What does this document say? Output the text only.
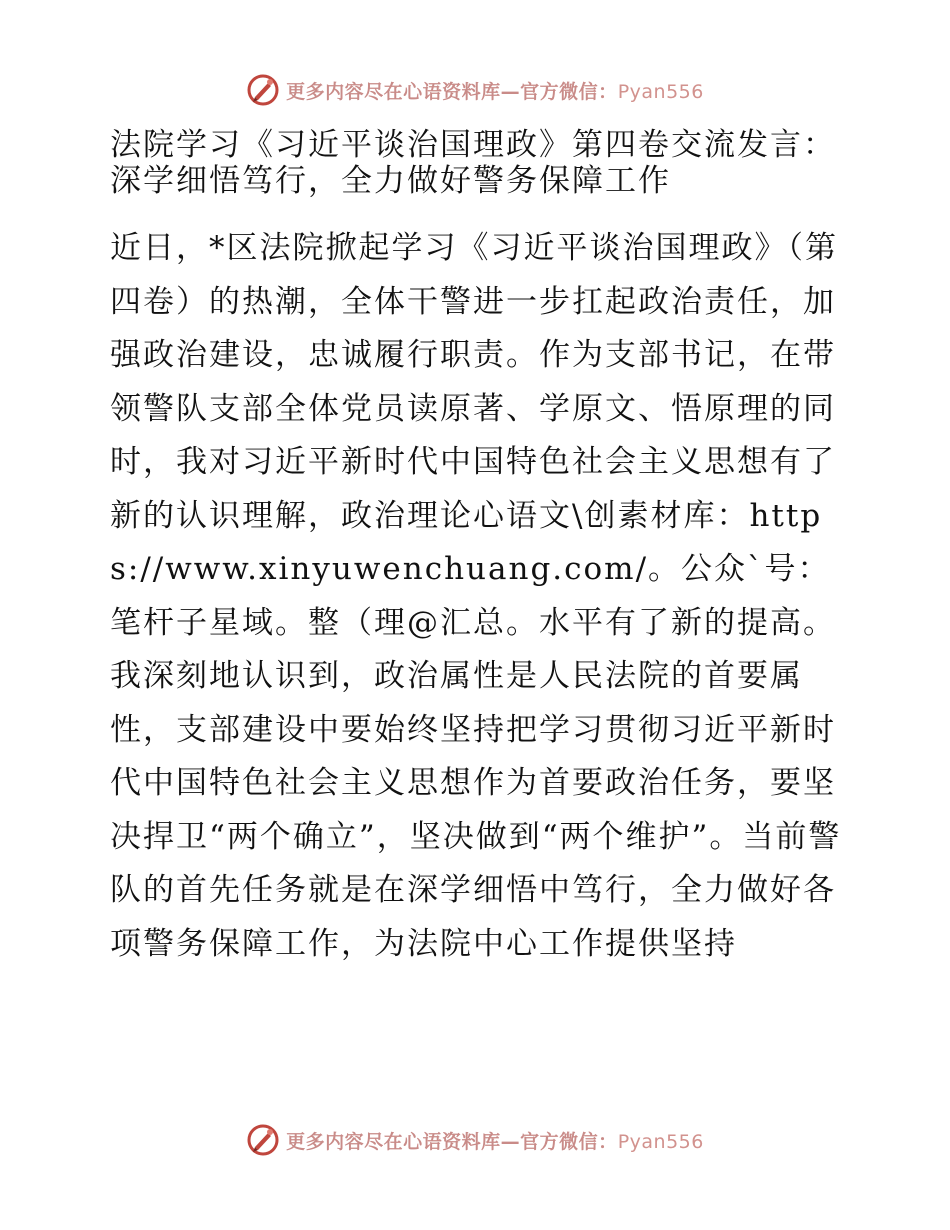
更多内容尽在心语资料库—官方微信：Pyan556
法院学习《习近平谈治国理政》第四卷交流发言：深学细悟笃行，全力做好警务保障工作

近日，*区法院掀起学习《习近平谈治国理政》（第四卷）的热潮，全体干警进一步扛起政治责任，加强政治建设，忠诚履行职责。作为支部书记，在带领警队支部全体党员读原著、学原文、悟原理的同时，我对习近平新时代中国特色社会主义思想有了新的认识理解，政治理论心语文\创素材库：https://www.xinyuwenchuang.com/。公众`号：笔杆子星域。整（理@汇总。水平有了新的提高。我深刻地认识到，政治属性是人民法院的首要属性，支部建设中要始终坚持把学习贯彻习近平新时代中国特色社会主义思想作为首要政治任务，要坚决捍卫“两个确立”，坚决做到“两个维护”。当前警队的首先任务就是在深学细悟中笃行，全力做好各项警务保障工作，为法院中心工作提供坚持

更多内容尽在心语资料库—官方微信：Pyan556
